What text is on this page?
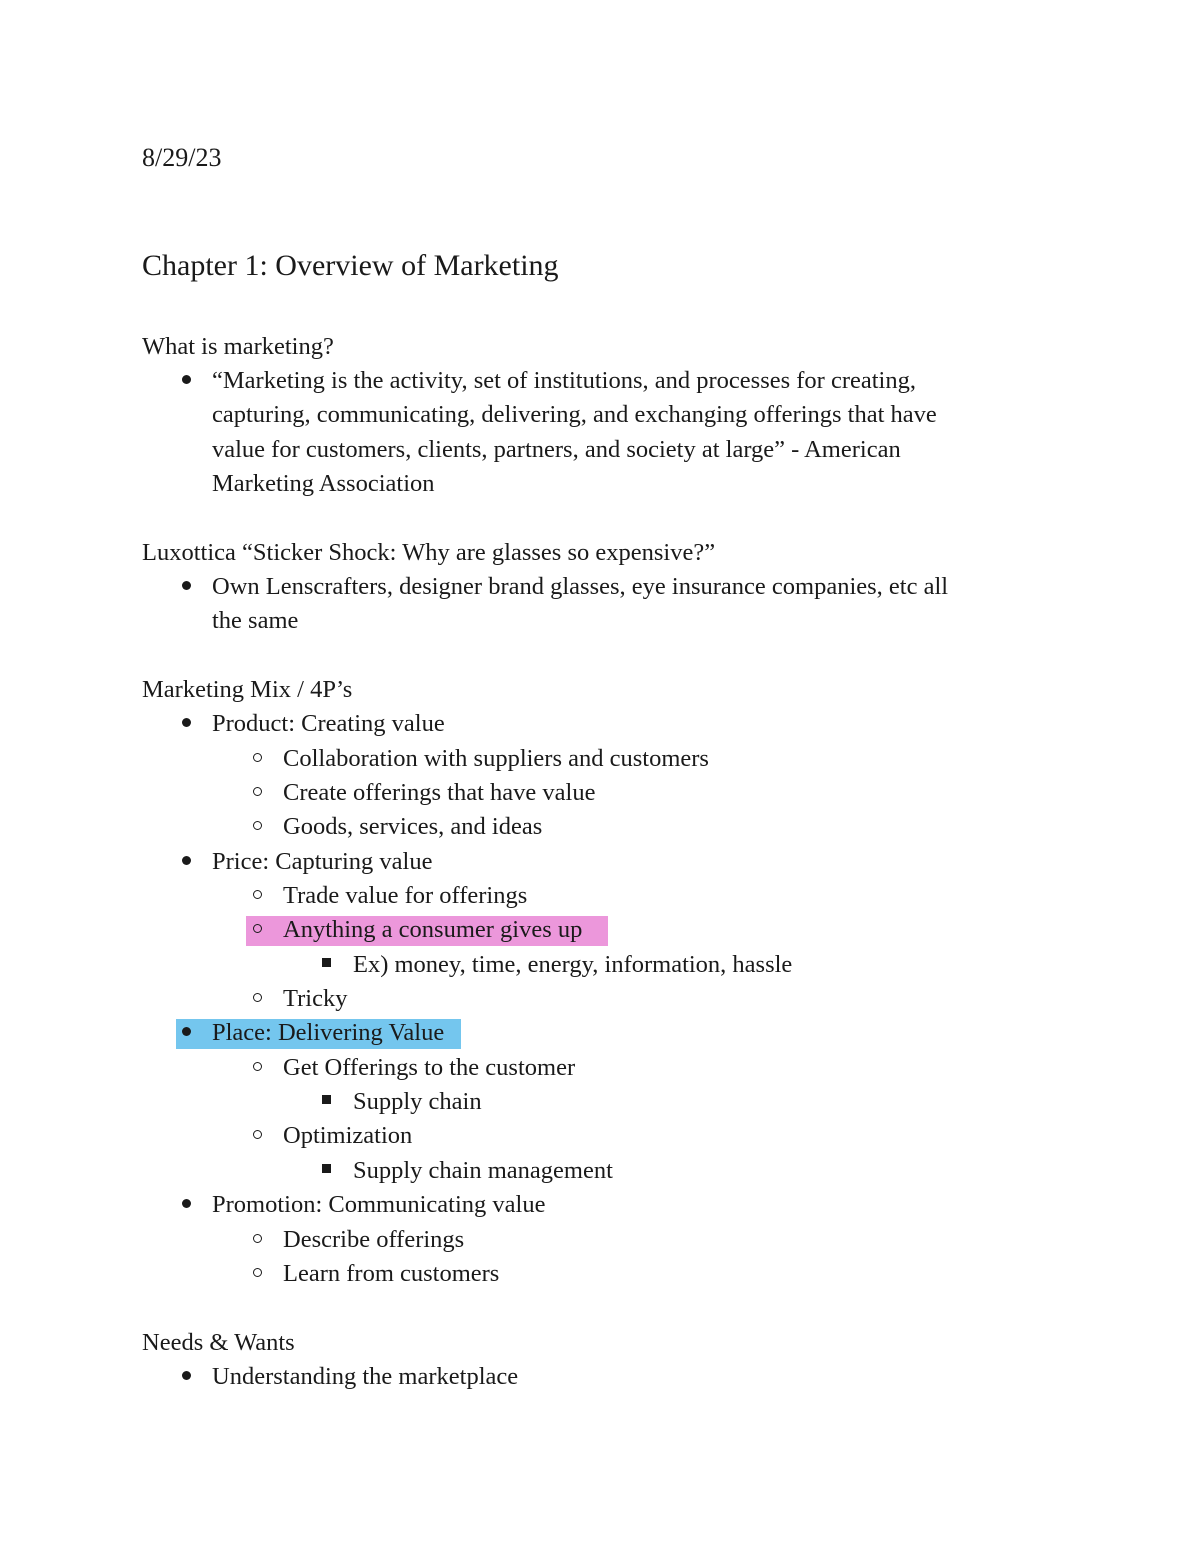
8/29/23
Chapter 1: Overview of Marketing
What is marketing?
“Marketing is the activity, set of institutions, and processes for creating,
capturing, communicating, delivering, and exchanging offerings that have
value for customers, clients, partners, and society at large” - American
Marketing Association
Luxottica “Sticker Shock: Why are glasses so expensive?”
Own Lenscrafters, designer brand glasses, eye insurance companies, etc all
the same
Marketing Mix / 4P’s
Product: Creating value
Collaboration with suppliers and customers
Create offerings that have value
Goods, services, and ideas
Price: Capturing value
Trade value for offerings
Anything a consumer gives up
Ex) money, time, energy, information, hassle
Tricky
Place: Delivering Value
Get Offerings to the customer
Supply chain
Optimization
Supply chain management
Promotion: Communicating value
Describe offerings
Learn from customers
Needs & Wants
Understanding the marketplace
